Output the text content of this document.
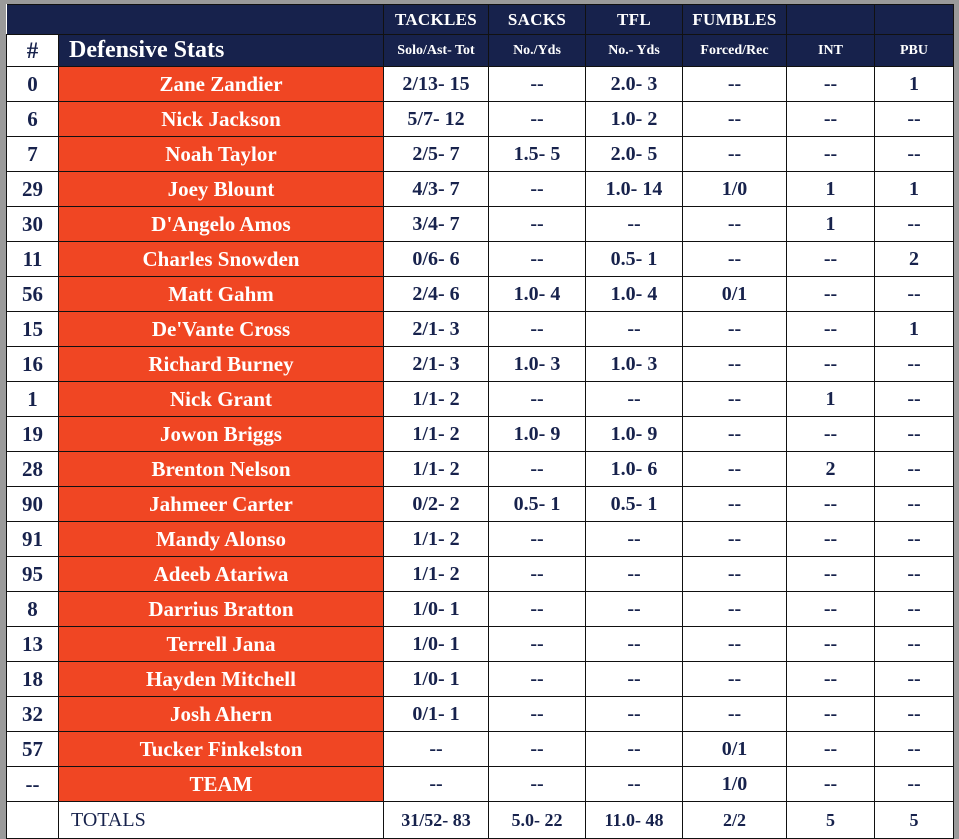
		TACKLES	SACKS	TFL	FUMBLES		
#	Defensive Stats	Solo/Ast- Tot	No./Yds	No.- Yds	Forced/Rec	INT	PBU
0	Zane Zandier	2/13- 15	--	2.0- 3	--	--	1
6	Nick Jackson	5/7- 12	--	1.0- 2	--	--	--
7	Noah Taylor	2/5- 7	1.5- 5	2.0- 5	--	--	--
29	Joey Blount	4/3- 7	--	1.0- 14	1/0	1	1
30	D'Angelo Amos	3/4- 7	--	--	--	1	--
11	Charles Snowden	0/6- 6	--	0.5- 1	--	--	2
56	Matt Gahm	2/4- 6	1.0- 4	1.0- 4	0/1	--	--
15	De'Vante Cross	2/1- 3	--	--	--	--	1
16	Richard Burney	2/1- 3	1.0- 3	1.0- 3	--	--	--
1	Nick Grant	1/1- 2	--	--	--	1	--
19	Jowon Briggs	1/1- 2	1.0- 9	1.0- 9	--	--	--
28	Brenton Nelson	1/1- 2	--	1.0- 6	--	2	--
90	Jahmeer Carter	0/2- 2	0.5- 1	0.5- 1	--	--	--
91	Mandy Alonso	1/1- 2	--	--	--	--	--
95	Adeeb Atariwa	1/1- 2	--	--	--	--	--
8	Darrius Bratton	1/0- 1	--	--	--	--	--
13	Terrell Jana	1/0- 1	--	--	--	--	--
18	Hayden Mitchell	1/0- 1	--	--	--	--	--
32	Josh Ahern	0/1- 1	--	--	--	--	--
57	Tucker Finkelston	--	--	--	0/1	--	--
--	TEAM	--	--	--	1/0	--	--
	TOTALS	31/52- 83	5.0- 22	11.0- 48	2/2	5	5
